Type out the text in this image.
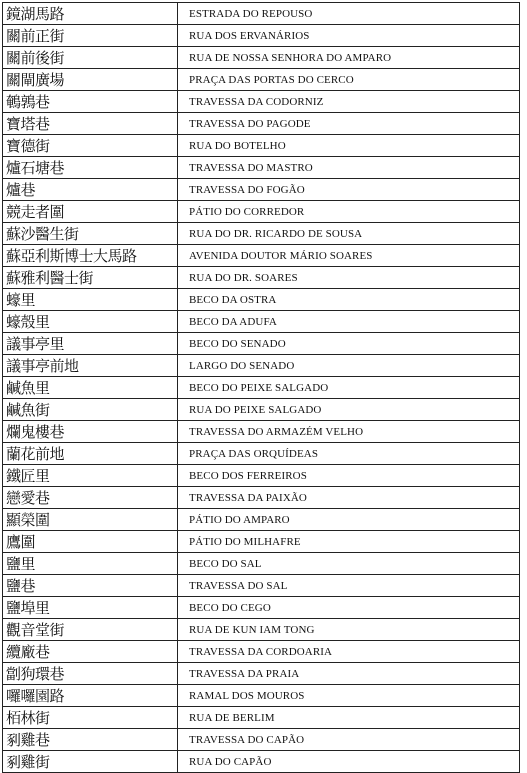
鏡湖馬路	ESTRADA DO REPOUSO
關前正街	RUA DOS ERVANÁRIOS
關前後街	RUA DE NOSSA SENHORA DO AMPARO
關閘廣場	PRAÇA DAS PORTAS DO CERCO
鵪鶉巷	TRAVESSA DA CODORNIZ
寶塔巷	TRAVESSA DO PAGODE
寶德街	RUA DO BOTELHO
爐石塘巷	TRAVESSA DO MASTRO
爐巷	TRAVESSA DO FOGÃO
競走者圍	PÁTIO DO CORREDOR
蘇沙醫生街	RUA DO DR. RICARDO DE SOUSA
蘇亞利斯博士大馬路	AVENIDA DOUTOR MÁRIO SOARES
蘇雅利醫士街	RUA DO DR. SOARES
蠔里	BECO DA OSTRA
蠔殼里	BECO DA ADUFA
議事亭里	BECO DO SENADO
議事亭前地	LARGO DO SENADO
鹹魚里	BECO DO PEIXE SALGADO
鹹魚街	RUA DO PEIXE SALGADO
爛鬼樓巷	TRAVESSA DO ARMAZÉM VELHO
蘭花前地	PRAÇA DAS ORQUÍDEAS
鐵匠里	BECO DOS FERREIROS
戀愛巷	TRAVESSA DA PAIXÃO
顯榮圍	PÁTIO DO AMPARO
鷹圍	PÁTIO DO MILHAFRE
鹽里	BECO DO SAL
鹽巷	TRAVESSA DO SAL
鹽埠里	BECO DO CEGO
觀音堂街	RUA DE KUN IAM TONG
纜廠巷	TRAVESSA DA CORDOARIA
劏狗環巷	TRAVESSA DA PRAIA
囉囉園路	RAMAL DOS MOUROS
栢林街	RUA DE BERLIM
剢雞巷	TRAVESSA DO CAPÃO
剢雞街	RUA DO CAPÃO
